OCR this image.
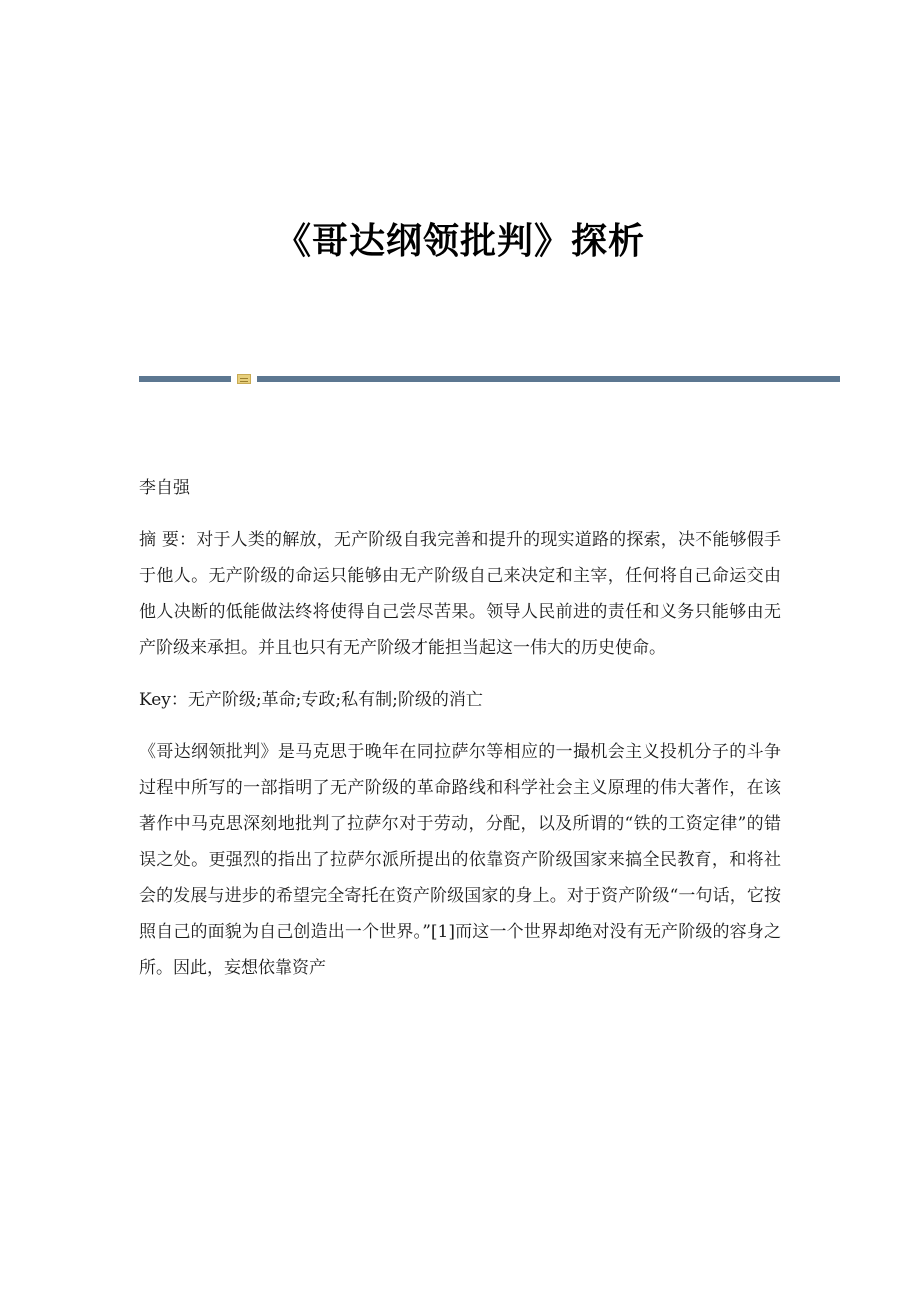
《哥达纲领批判》探析

李自强

摘 要：对于人类的解放，无产阶级自我完善和提升的现实道路的探索，决不能够假手于他人。无产阶级的命运只能够由无产阶级自己来决定和主宰，任何将自己命运交由他人决断的低能做法终将使得自己尝尽苦果。领导人民前进的责任和义务只能够由无产阶级来承担。并且也只有无产阶级才能担当起这一伟大的历史使命。

Key：无产阶级;革命;专政;私有制;阶级的消亡

《哥达纲领批判》是马克思于晚年在同拉萨尔等相应的一撮机会主义投机分子的斗争过程中所写的一部指明了无产阶级的革命路线和科学社会主义原理的伟大著作，在该著作中马克思深刻地批判了拉萨尔对于劳动，分配，以及所谓的“铁的工资定律”的错误之处。更强烈的指出了拉萨尔派所提出的依靠资产阶级国家来搞全民教育，和将社会的发展与进步的希望完全寄托在资产阶级国家的身上。对于资产阶级“一句话，它按照自己的面貌为自己创造出一个世界。”[1]而这一个世界却绝对没有无产阶级的容身之所。因此，妄想依靠资产
